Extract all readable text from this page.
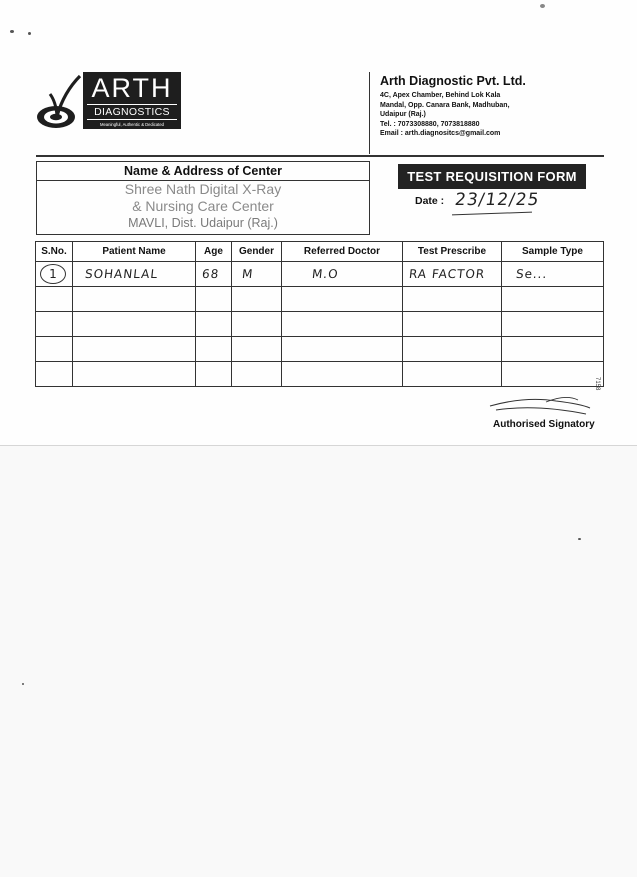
ARTH
DIAGNOSTICS
Meaningful, Authentic & Dedicated
Arth Diagnostic Pvt. Ltd.
4C, Apex Chamber, Behind Lok Kala
Mandal, Opp. Canara Bank, Madhuban,
Udaipur (Raj.)
Tel. : 7073308880, 7073818880
Email : arth.diagnositcs@gmail.com
Name & Address of Center
Shree Nath Digital X-Ray
& Nursing Care Center
MAVLI, Dist. Udaipur (Raj.)
TEST REQUISITION FORM
Date : 23/12/25
S.No.	Patient Name	Age	Gender	Referred Doctor	Test Prescribe	Sample Type
1	SOHANLAL	68	M	M.O	RA FACTOR	Se...

7158
Authorised Signatory
